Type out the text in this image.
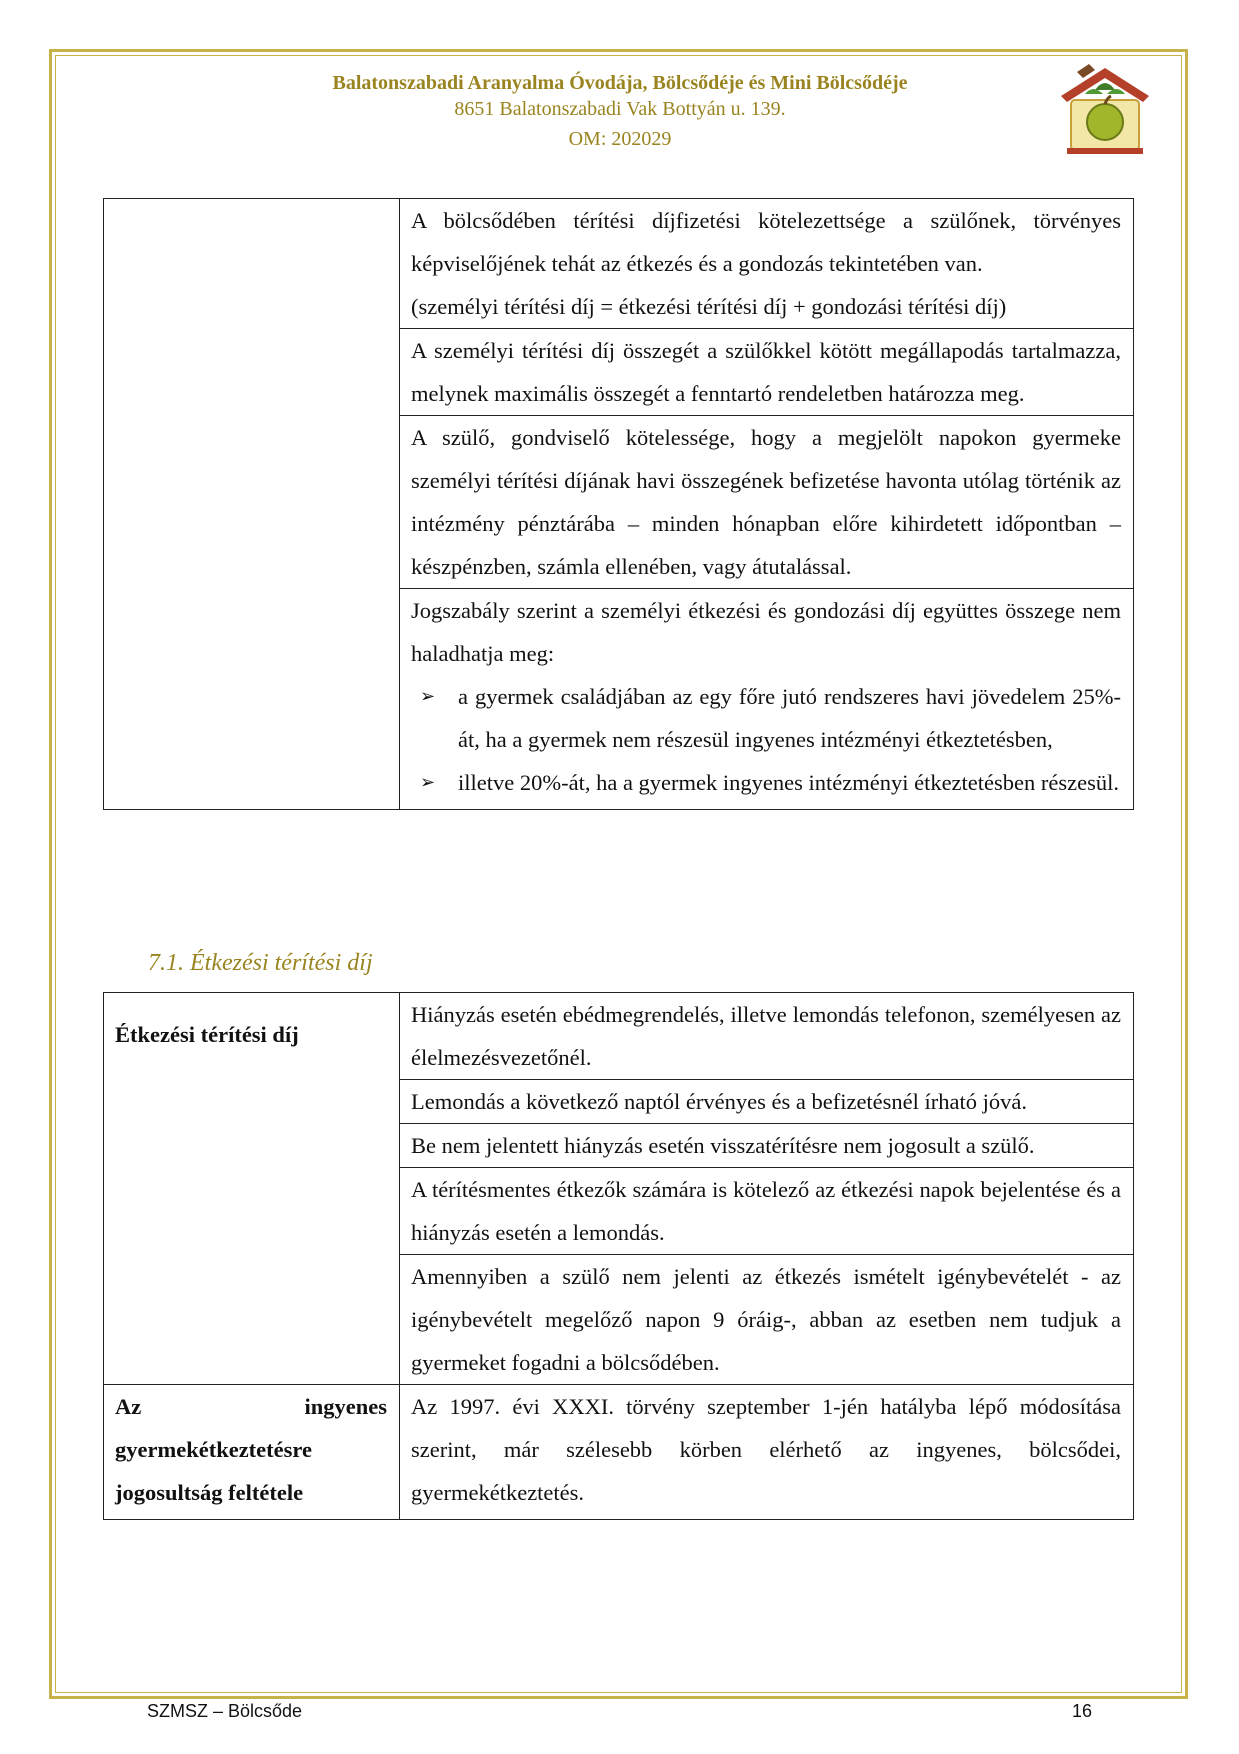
Balatonszabadi Aranyalma Óvodája, Bölcsődéje és Mini Bölcsődéje
8651 Balatonszabadi Vak Bottyán u. 139.
OM: 202029

A bölcsődében térítési díjfizetési kötelezettsége a szülőnek, törvényes képviselőjének tehát az étkezés és a gondozás tekintetében van.
(személyi térítési díj = étkezési térítési díj + gondozási térítési díj)

A személyi térítési díj összegét a szülőkkel kötött megállapodás tartalmazza, melynek maximális összegét a fenntartó rendeletben határozza meg.
A szülő, gondviselő kötelessége, hogy a megjelölt napokon gyermeke személyi térítési díjának havi összegének befizetése havonta utólag történik az intézmény pénztárába – minden hónapban előre kihirdetett időpontban – készpénzben, számla ellenében, vagy átutalással.

Jogszabály szerint a személyi étkezési és gondozási díj együttes összege nem haladhatja meg:
➢ a gyermek családjában az egy főre jutó rendszeres havi jövedelem 25%-át, ha a gyermek nem részesül ingyenes intézményi étkeztetésben,
➢ illetve 20%-át, ha a gyermek ingyenes intézményi étkeztetésben részesül.
7.1. Étkezési térítési díj
Étkezési térítési díj	Hiányzás esetén ebédmegrendelés, illetve lemondás telefonon, személyesen az élelmezésvezetőnél.
	Lemondás a következő naptól érvényes és a befizetésnél írható jóvá.
	Be nem jelentett hiányzás esetén visszatérítésre nem jogosult a szülő.
	A térítésmentes étkezők számára is kötelező az étkezési napok bejelentése és a hiányzás esetén a lemondás.
	Amennyiben a szülő nem jelenti az étkezés ismételt igénybevételét - az igénybevételt megelőző napon 9 óráig-, abban az esetben nem tudjuk a gyermeket fogadni a bölcsődében.
Az ingyenes gyermekétkeztetésre jogosultság feltétele	Az 1997. évi XXXI. törvény szeptember 1-jén hatályba lépő módosítása szerint, már szélesebb körben elérhető az ingyenes, bölcsődei, gyermekétkeztetés.
SZMSZ – Bölcsőde	16
